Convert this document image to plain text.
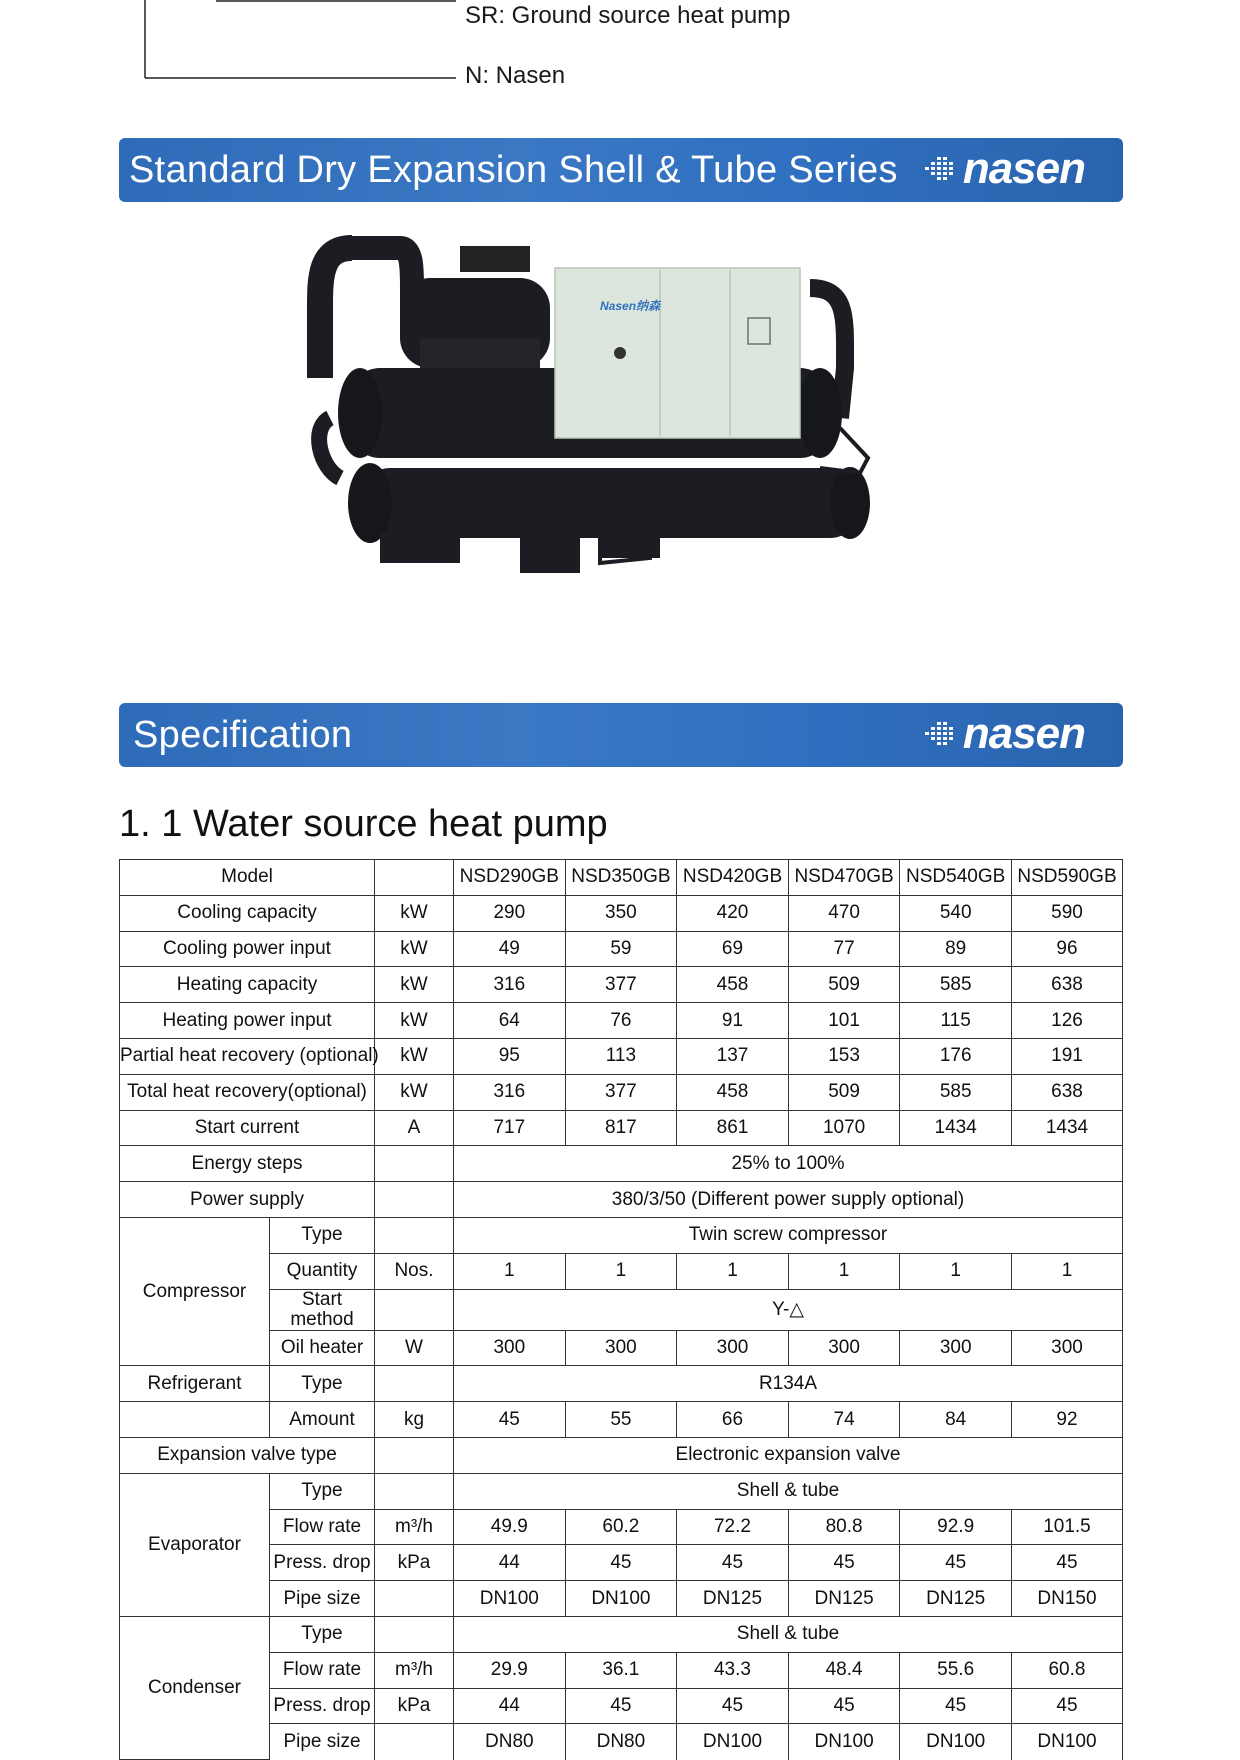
SR: Ground source heat pump
N: Nasen
Standard Dry Expansion Shell & Tube Series nasen
Nasen纳森
Specification	nasen
1. 1 Water source heat pump
Model			NSD290GB	NSD350GB	NSD420GB	NSD470GB	NSD540GB	NSD590GB
Cooling capacity		kW	290	350	420	470	540	590
Cooling power input		kW	49	59	69	77	89	96
Heating capacity		kW	316	377	458	509	585	638
Heating power input		kW	64	76	91	101	115	126
Partial heat recovery (optional)		kW	95	113	137	153	176	191
Total heat recovery(optional)		kW	316	377	458	509	585	638
Start current		A	717	817	861	1070	1434	1434
Energy steps			25% to 100%					
Power supply			380/3/50 (Different power supply optional)					
Compressor	Type		Twin screw compressor					
	Quantity	Nos.	1	1	1	1	1	1
	Start method		Y-△					
	Oil heater	W	300	300	300	300	300	300
Refrigerant	Type		R134A					
	Amount	kg	45	55	66	74	84	92
Expansion valve type			Electronic expansion valve					
Evaporator	Type		Shell & tube					
	Flow rate	m³/h	49.9	60.2	72.2	80.8	92.9	101.5
	Press. drop	kPa	44	45	45	45	45	45
	Pipe size		DN100	DN100	DN125	DN125	DN125	DN150
Condenser	Type		Shell & tube					
	Flow rate	m³/h	29.9	36.1	43.3	48.4	55.6	60.8
	Press. drop	kPa	44	45	45	45	45	45
	Pipe size		DN80	DN80	DN100	DN100	DN100	DN100
